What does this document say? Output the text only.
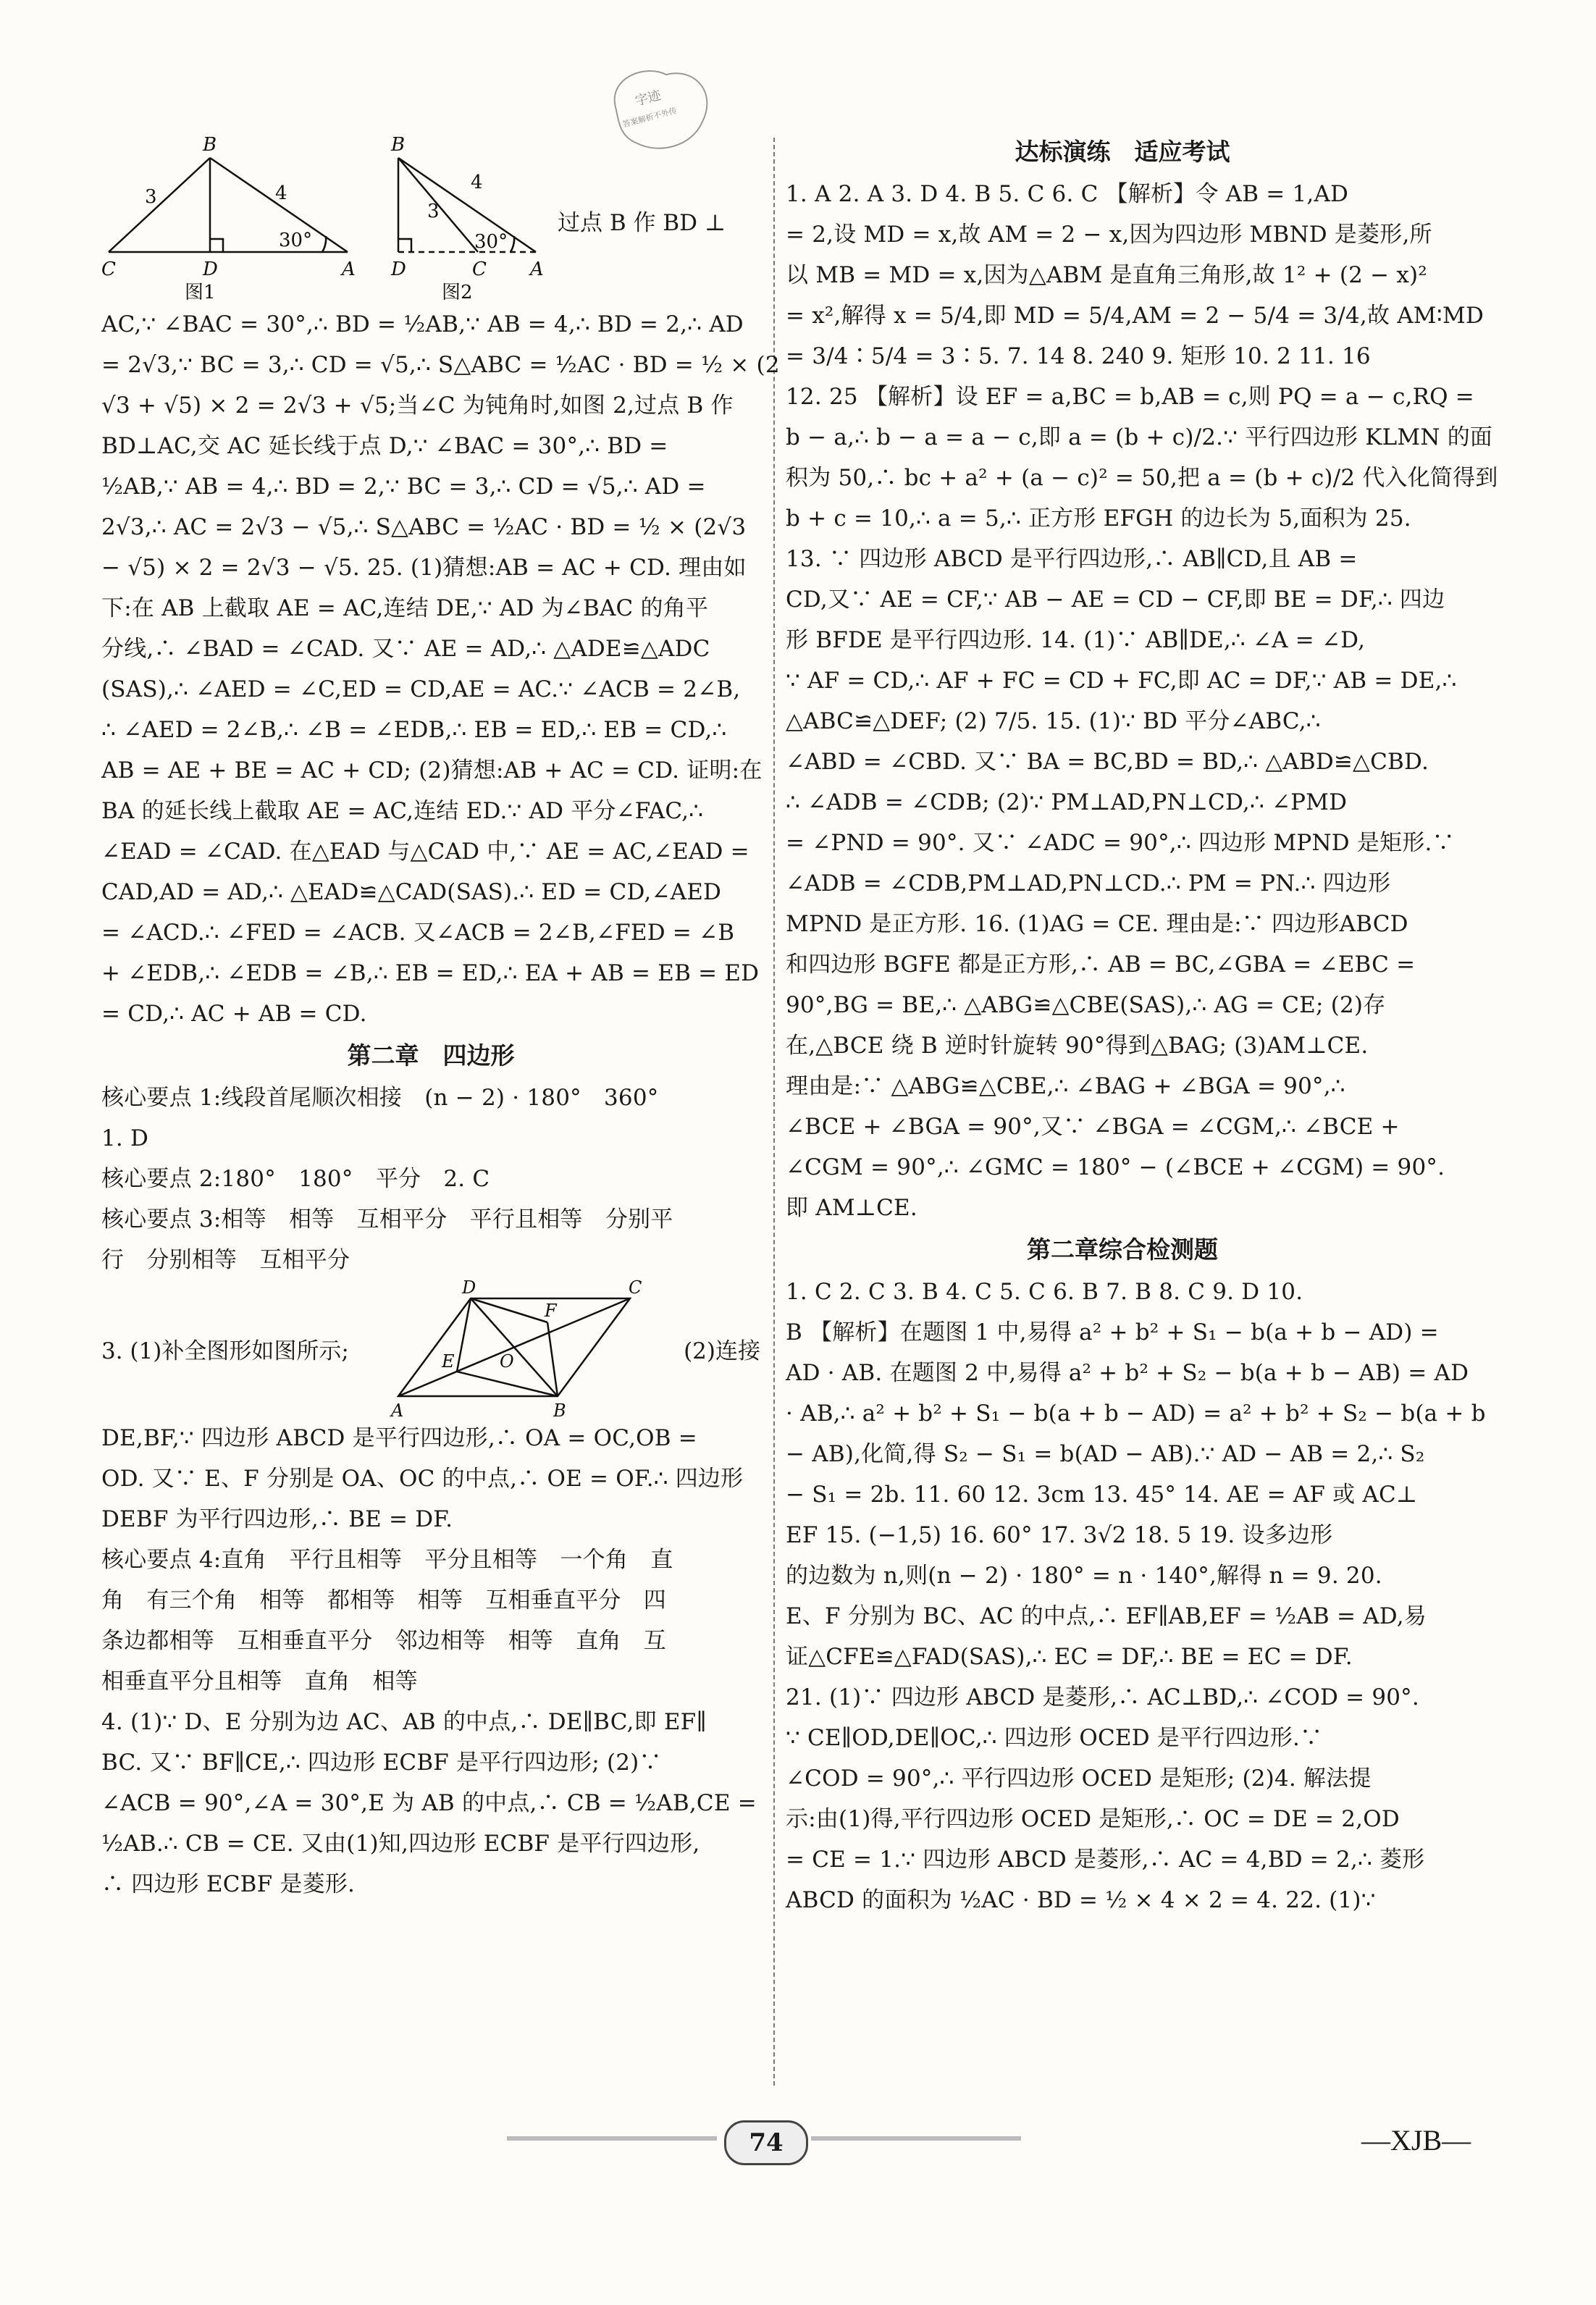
字迹
答案解析不外传
B
C	D	A
3	4
30°
图1
B
D	C A
3
4
30°
图2
过点 B 作 BD ⊥

AC,∵ ∠BAC = 30°,∴ BD = ½AB,∵ AB = 4,∴ BD = 2,∴ AD

= 2√3,∵ BC = 3,∴ CD = √5,∴ S△ABC = ½AC · BD = ½ × (2

√3 + √5) × 2 = 2√3 + √5;当∠C 为钝角时,如图 2,过点 B 作

BD⊥AC,交 AC 延长线于点 D,∵ ∠BAC = 30°,∴ BD =

½AB,∵ AB = 4,∴ BD = 2,∵ BC = 3,∴ CD = √5,∴ AD =

2√3,∴ AC = 2√3 − √5,∴ S△ABC = ½AC · BD = ½ × (2√3

− √5) × 2 = 2√3 − √5. 25. (1)猜想:AB = AC + CD. 理由如

下:在 AB 上截取 AE = AC,连结 DE,∵ AD 为∠BAC 的角平

分线,∴ ∠BAD = ∠CAD. 又∵ AE = AD,∴ △ADE≌△ADC

(SAS),∴ ∠AED = ∠C,ED = CD,AE = AC.∵ ∠ACB = 2∠B,

∴ ∠AED = 2∠B,∴ ∠B = ∠EDB,∴ EB = ED,∴ EB = CD,∴

AB = AE + BE = AC + CD; (2)猜想:AB + AC = CD. 证明:在

BA 的延长线上截取 AE = AC,连结 ED.∵ AD 平分∠FAC,∴

∠EAD = ∠CAD. 在△EAD 与△CAD 中,∵ AE = AC,∠EAD =

CAD,AD = AD,∴ △EAD≌△CAD(SAS).∴ ED = CD,∠AED

= ∠ACD.∴ ∠FED = ∠ACB. 又∠ACB = 2∠B,∠FED = ∠B

+ ∠EDB,∴ ∠EDB = ∠B,∴ EB = ED,∴ EA + AB = EB = ED

= CD,∴ AC + AB = CD.

第二章　四边形

核心要点 1:线段首尾顺次相接　(n − 2) · 180°　360°

1. D

核心要点 2:180°　180°　平分　2. C

核心要点 3:相等　相等　互相平分　平行且相等　分别平

行　分别相等　互相平分

3. (1)补全图形如图所示;
D	C
F
E	O
A	B
(2)连接

DE,BF,∵ 四边形 ABCD 是平行四边形,∴ OA = OC,OB =

OD. 又∵ E、F 分别是 OA、OC 的中点,∴ OE = OF.∴ 四边形

DEBF 为平行四边形,∴ BE = DF.

核心要点 4:直角　平行且相等　平分且相等　一个角　直

角　有三个角　相等　都相等　相等　互相垂直平分　四

条边都相等　互相垂直平分　邻边相等　相等　直角　互

相垂直平分且相等　直角　相等

4. (1)∵ D、E 分别为边 AC、AB 的中点,∴ DE∥BC,即 EF∥

BC. 又∵ BF∥CE,∴ 四边形 ECBF 是平行四边形; (2)∵

∠ACB = 90°,∠A = 30°,E 为 AB 的中点,∴ CB = ½AB,CE =

½AB.∴ CB = CE. 又由(1)知,四边形 ECBF 是平行四边形,

∴ 四边形 ECBF 是菱形.

达标演练　适应考试

1. A 2. A 3. D 4. B 5. C 6. C 【解析】令 AB = 1,AD

= 2,设 MD = x,故 AM = 2 − x,因为四边形 MBND 是菱形,所

以 MB = MD = x,因为△ABM 是直角三角形,故 1² + (2 − x)²

= x²,解得 x = 5/4,即 MD = 5/4,AM = 2 − 5/4 = 3/4,故 AM∶MD

= 3/4∶5/4 = 3∶5. 7. 14 8. 240 9. 矩形 10. 2 11. 16

12. 25 【解析】设 EF = a,BC = b,AB = c,则 PQ = a − c,RQ =

b − a,∴ b − a = a − c,即 a = (b + c)/2.∵ 平行四边形 KLMN 的面

积为 50,∴ bc + a² + (a − c)² = 50,把 a = (b + c)/2 代入化简得到

b + c = 10,∴ a = 5,∴ 正方形 EFGH 的边长为 5,面积为 25.

13. ∵ 四边形 ABCD 是平行四边形,∴ AB∥CD,且 AB =

CD,又∵ AE = CF,∵ AB − AE = CD − CF,即 BE = DF,∴ 四边

形 BFDE 是平行四边形. 14. (1)∵ AB∥DE,∴ ∠A = ∠D,

∵ AF = CD,∴ AF + FC = CD + FC,即 AC = DF,∵ AB = DE,∴

△ABC≌△DEF; (2) 7/5. 15. (1)∵ BD 平分∠ABC,∴

∠ABD = ∠CBD. 又∵ BA = BC,BD = BD,∴ △ABD≌△CBD.

∴ ∠ADB = ∠CDB; (2)∵ PM⊥AD,PN⊥CD,∴ ∠PMD

= ∠PND = 90°. 又∵ ∠ADC = 90°,∴ 四边形 MPND 是矩形.∵

∠ADB = ∠CDB,PM⊥AD,PN⊥CD.∴ PM = PN.∴ 四边形

MPND 是正方形. 16. (1)AG = CE. 理由是:∵ 四边形ABCD

和四边形 BGFE 都是正方形,∴ AB = BC,∠GBA = ∠EBC =

90°,BG = BE,∴ △ABG≌△CBE(SAS),∴ AG = CE; (2)存

在,△BCE 绕 B 逆时针旋转 90°得到△BAG; (3)AM⊥CE.

理由是:∵ △ABG≌△CBE,∴ ∠BAG + ∠BGA = 90°,∴

∠BCE + ∠BGA = 90°,又∵ ∠BGA = ∠CGM,∴ ∠BCE +

∠CGM = 90°,∴ ∠GMC = 180° − (∠BCE + ∠CGM) = 90°.

即 AM⊥CE.

第二章综合检测题

1. C 2. C 3. B 4. C 5. C 6. B 7. B 8. C 9. D 10.

B 【解析】在题图 1 中,易得 a² + b² + S₁ − b(a + b − AD) =

AD · AB. 在题图 2 中,易得 a² + b² + S₂ − b(a + b − AB) = AD

· AB,∴ a² + b² + S₁ − b(a + b − AD) = a² + b² + S₂ − b(a + b

− AB),化简,得 S₂ − S₁ = b(AD − AB).∵ AD − AB = 2,∴ S₂

− S₁ = 2b. 11. 60 12. 3cm 13. 45° 14. AE = AF 或 AC⊥

EF 15. (−1,5) 16. 60° 17. 3√2 18. 5 19. 设多边形

的边数为 n,则(n − 2) · 180° = n · 140°,解得 n = 9. 20.

E、F 分别为 BC、AC 的中点,∴ EF∥AB,EF = ½AB = AD,易

证△CFE≌△FAD(SAS),∴ EC = DF,∴ BE = EC = DF.

21. (1)∵ 四边形 ABCD 是菱形,∴ AC⊥BD,∴ ∠COD = 90°.

∵ CE∥OD,DE∥OC,∴ 四边形 OCED 是平行四边形.∵

∠COD = 90°,∴ 平行四边形 OCED 是矩形; (2)4. 解法提

示:由(1)得,平行四边形 OCED 是矩形,∴ OC = DE = 2,OD

= CE = 1.∵ 四边形 ABCD 是菱形,∴ AC = 4,BD = 2,∴ 菱形

ABCD 的面积为 ½AC · BD = ½ × 4 × 2 = 4. 22. (1)∵

74	—XJB—
